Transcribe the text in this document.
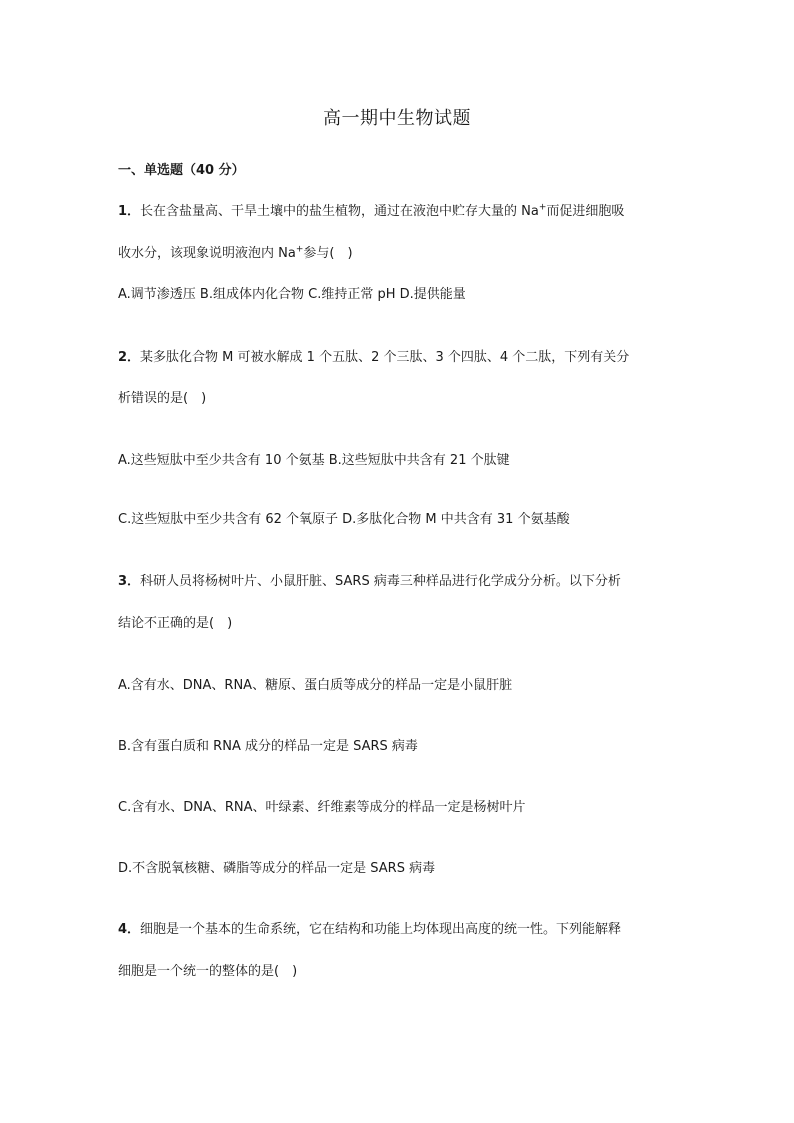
高一期中生物试题

一、单选题（40 分）

1．长在含盐量高、干旱土壤中的盐生植物，通过在液泡中贮存大量的 Na+而促进细胞吸

收水分，该现象说明液泡内 Na+参与(　)

A.调节渗透压 B.组成体内化合物 C.维持正常 pH D.提供能量

2．某多肽化合物 M 可被水解成 1 个五肽、2 个三肽、3 个四肽、4 个二肽，下列有关分

析错误的是(　)

A.这些短肽中至少共含有 10 个氨基 B.这些短肽中共含有 21 个肽键

C.这些短肽中至少共含有 62 个氧原子 D.多肽化合物 M 中共含有 31 个氨基酸

3．科研人员将杨树叶片、小鼠肝脏、SARS 病毒三种样品进行化学成分分析。以下分析

结论不正确的是(　)

A.含有水、DNA、RNA、糖原、蛋白质等成分的样品一定是小鼠肝脏

B.含有蛋白质和 RNA 成分的样品一定是 SARS 病毒

C.含有水、DNA、RNA、叶绿素、纤维素等成分的样品一定是杨树叶片

D.不含脱氧核糖、磷脂等成分的样品一定是 SARS 病毒

4．细胞是一个基本的生命系统，它在结构和功能上均体现出高度的统一性。下列能解释

细胞是一个统一的整体的是(　)
